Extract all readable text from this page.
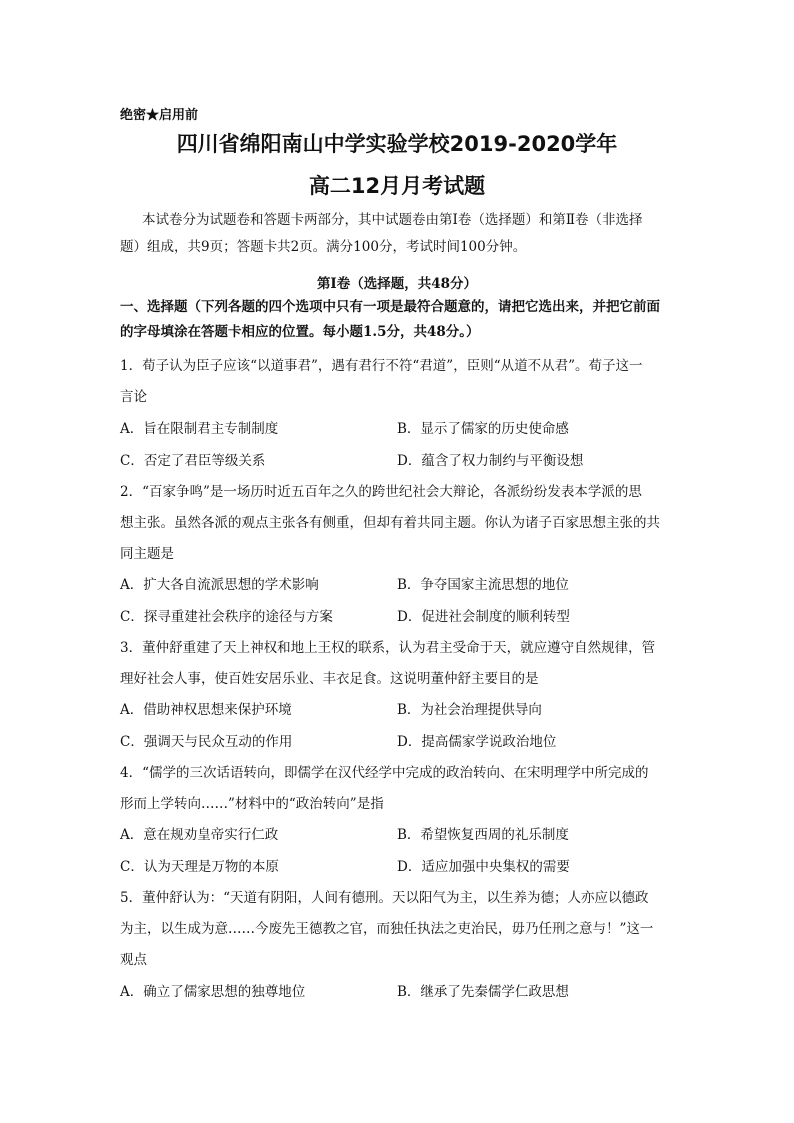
绝密★启用前
四川省绵阳南山中学实验学校2019-2020学年
高二12月月考试题
本试卷分为试题卷和答题卡两部分，其中试题卷由第Ⅰ卷（选择题）和第Ⅱ卷（非选择
题）组成，共9页；答题卡共2页。满分100分，考试时间100分钟。
第Ⅰ卷（选择题，共48分）
一、选择题（下列各题的四个选项中只有一项是最符合题意的，请把它选出来，并把它前面
的字母填涂在答题卡相应的位置。每小题1.5分，共48分。）
1．荀子认为臣子应该“以道事君”，遇有君行不符“君道”，臣则“从道不从君”。荀子这一
言论
A．旨在限制君主专制制度	B．显示了儒家的历史使命感
C．否定了君臣等级关系	D．蕴含了权力制约与平衡设想
2．“百家争鸣”是一场历时近五百年之久的跨世纪社会大辩论，各派纷纷发表本学派的思
想主张。虽然各派的观点主张各有侧重，但却有着共同主题。你认为诸子百家思想主张的共
同主题是
A．扩大各自流派思想的学术影响	B．争夺国家主流思想的地位
C．探寻重建社会秩序的途径与方案	D．促进社会制度的顺利转型
3．董仲舒重建了天上神权和地上王权的联系，认为君主受命于天，就应遵守自然规律，管
理好社会人事，使百姓安居乐业、丰衣足食。这说明董仲舒主要目的是
A．借助神权思想来保护环境	B．为社会治理提供导向
C．强调天与民众互动的作用	D．提高儒家学说政治地位
4．“儒学的三次话语转向，即儒学在汉代经学中完成的政治转向、在宋明理学中所完成的
形而上学转向……”材料中的“政治转向”是指
A．意在规劝皇帝实行仁政	B．希望恢复西周的礼乐制度
C．认为天理是万物的本原	D．适应加强中央集权的需要
5．董仲舒认为：“天道有阴阳，人间有德刑。天以阳气为主，以生养为德；人亦应以德政
为主，以生成为意……今废先王德教之官，而独任执法之吏治民，毋乃任刑之意与！”这一
观点
A．确立了儒家思想的独尊地位	B．继承了先秦儒学仁政思想
